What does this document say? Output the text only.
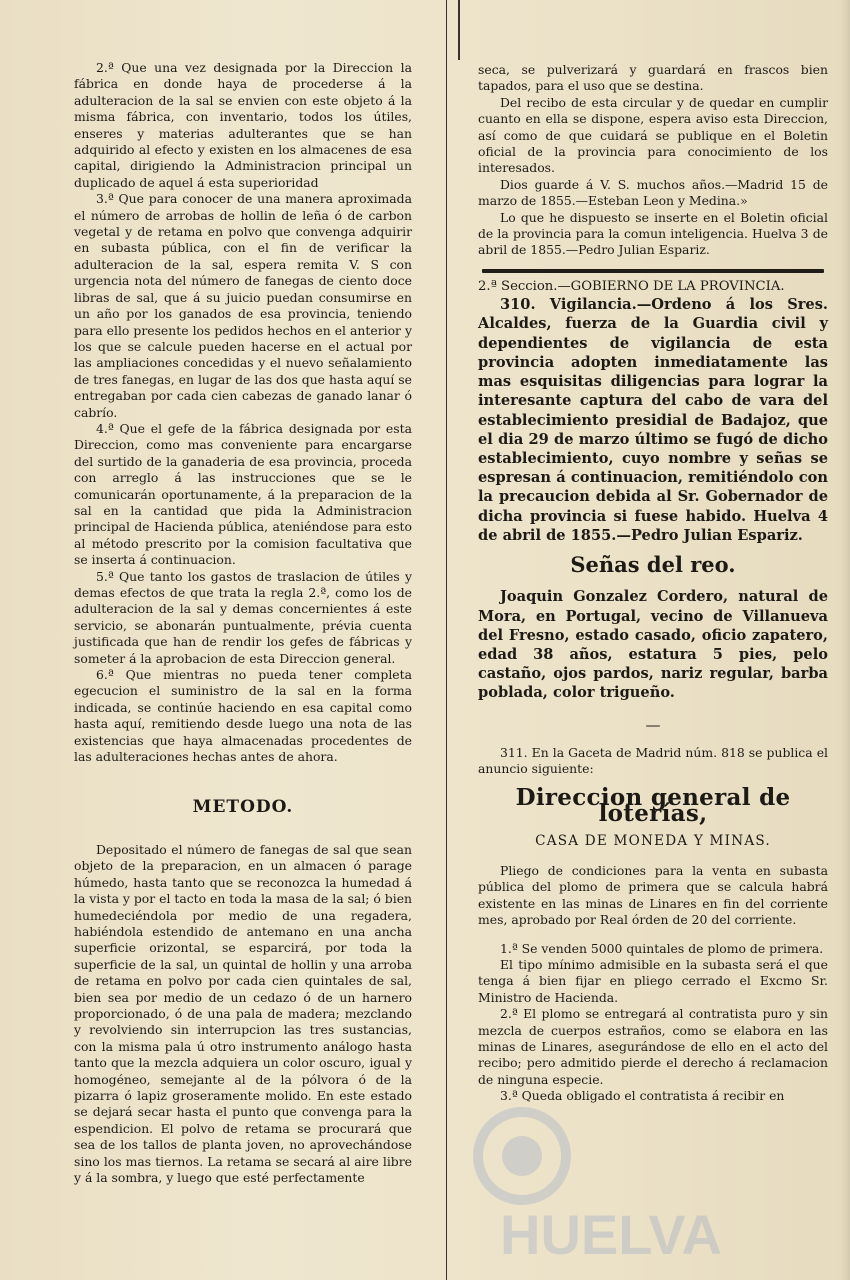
2.ª Que una vez designada por la Direccion la fábrica en donde haya de procederse á la adulteracion de la sal se envien con este objeto á la misma fábrica, con inventario, todos los útiles, enseres y materias adulterantes que se han adquirido al efecto y existen en los almacenes de esa capital, dirigiendo la Administracion principal un duplicado de aquel á esta superioridad

3.ª Que para conocer de una manera aproximada el número de arrobas de hollin de leña ó de carbon vegetal y de retama en polvo que convenga adquirir en subasta pública, con el fin de verificar la adulteracion de la sal, espera remita V. S con urgencia nota del número de fanegas de ciento doce libras de sal, que á su juicio puedan consumirse en un año por los ganados de esa provincia, teniendo para ello presente los pedidos hechos en el anterior y los que se calcule pueden hacerse en el actual por las ampliaciones concedidas y el nuevo señalamiento de tres fanegas, en lugar de las dos que hasta aquí se entregaban por cada cien cabezas de ganado lanar ó cabrío.

4.ª Que el gefe de la fábrica designada por esta Direccion, como mas conveniente para encargarse del surtido de la ganaderia de esa provincia, proceda con arreglo á las instrucciones que se le comunicarán oportunamente, á la preparacion de la sal en la cantidad que pida la Administracion principal de Hacienda pública, ateniéndose para esto al método prescrito por la comision facultativa que se inserta á continuacion.

5.ª Que tanto los gastos de traslacion de útiles y demas efectos de que trata la regla 2.ª, como los de adulteracion de la sal y demas concernientes á este servicio, se abonarán puntualmente, prévia cuenta justificada que han de rendir los gefes de fábricas y someter á la aprobacion de esta Direccion general.

6.ª Que mientras no pueda tener completa egecucion el suministro de la sal en la forma indicada, se continúe haciendo en esa capital como hasta aquí, remitiendo desde luego una nota de las existencias que haya almacenadas procedentes de las adulteraciones hechas antes de ahora.

METODO.

Depositado el número de fanegas de sal que sean objeto de la preparacion, en un almacen ó parage húmedo, hasta tanto que se reconozca la humedad á la vista y por el tacto en toda la masa de la sal; ó bien humedeciéndola por medio de una regadera, habiéndola estendido de antemano en una ancha superficie orizontal, se esparcirá, por toda la superficie de la sal, un quintal de hollin y una arroba de retama en polvo por cada cien quintales de sal, bien sea por medio de un cedazo ó de un harnero proporcionado, ó de una pala de madera; mezclando y revolviendo sin interrupcion las tres sustancias, con la misma pala ú otro instrumento análogo hasta tanto que la mezcla adquiera un color oscuro, igual y homogéneo, semejante al de la pólvora ó de la pizarra ó lapiz groseramente molido. En este estado se dejará secar hasta el punto que convenga para la espendicion. El polvo de retama se procurará que sea de los tallos de planta joven, no aprovechándose sino los mas tiernos. La retama se secará al aire libre y á la sombra, y luego que esté perfectamente

seca, se pulverizará y guardará en frascos bien tapados, para el uso que se destina.

Del recibo de esta circular y de quedar en cumplir cuanto en ella se dispone, espera aviso esta Direccion, así como de que cuidará se publique en el Boletin oficial de la provincia para conocimiento de los interesados.

Dios guarde á V. S. muchos años.—Madrid 15 de marzo de 1855.—Esteban Leon y Medina.»

Lo que he dispuesto se inserte en el Boletin oficial de la provincia para la comun inteligencia. Huelva 3 de abril de 1855.—Pedro Julian Espariz.

2.ª Seccion.—GOBIERNO DE LA PROVINCIA.

310. Vigilancia.—Ordeno á los Sres. Alcaldes, fuerza de la Guardia civil y dependientes de vigilancia de esta provincia adopten inmediatamente las mas esquisitas diligencias para lograr la interesante captura del cabo de vara del establecimiento presidial de Badajoz, que el dia 29 de marzo último se fugó de dicho establecimiento, cuyo nombre y señas se espresan á continuacion, remitiéndolo con la precaucion debida al Sr. Gobernador de dicha provincia si fuese habido. Huelva 4 de abril de 1855.—Pedro Julian Espariz.

Señas del reo.

Joaquin Gonzalez Cordero, natural de Mora, en Portugal, vecino de Villanueva del Fresno, estado casado, oficio zapatero, edad 38 años, estatura 5 pies, pelo castaño, ojos pardos, nariz regular, barba poblada, color trigueño.

—

311. En la Gaceta de Madrid núm. 818 se publica el anuncio siguiente:

Direccion general de loterías,
CASA DE MONEDA Y MINAS.

Pliego de condiciones para la venta en subasta pública del plomo de primera que se calcula habrá existente en las minas de Linares en fin del corriente mes, aprobado por Real órden de 20 del corriente.

1.ª Se venden 5000 quintales de plomo de primera.

El tipo mínimo admisible en la subasta será el que tenga á bien fijar en pliego cerrado el Excmo Sr. Ministro de Hacienda.

2.ª El plomo se entregará al contratista puro y sin mezcla de cuerpos estraños, como se elabora en las minas de Linares, asegurándose de ello en el acto del recibo; pero admitido pierde el derecho á reclamacion de ninguna especie.

3.ª Queda obligado el contratista á recibir en

HUELVA
